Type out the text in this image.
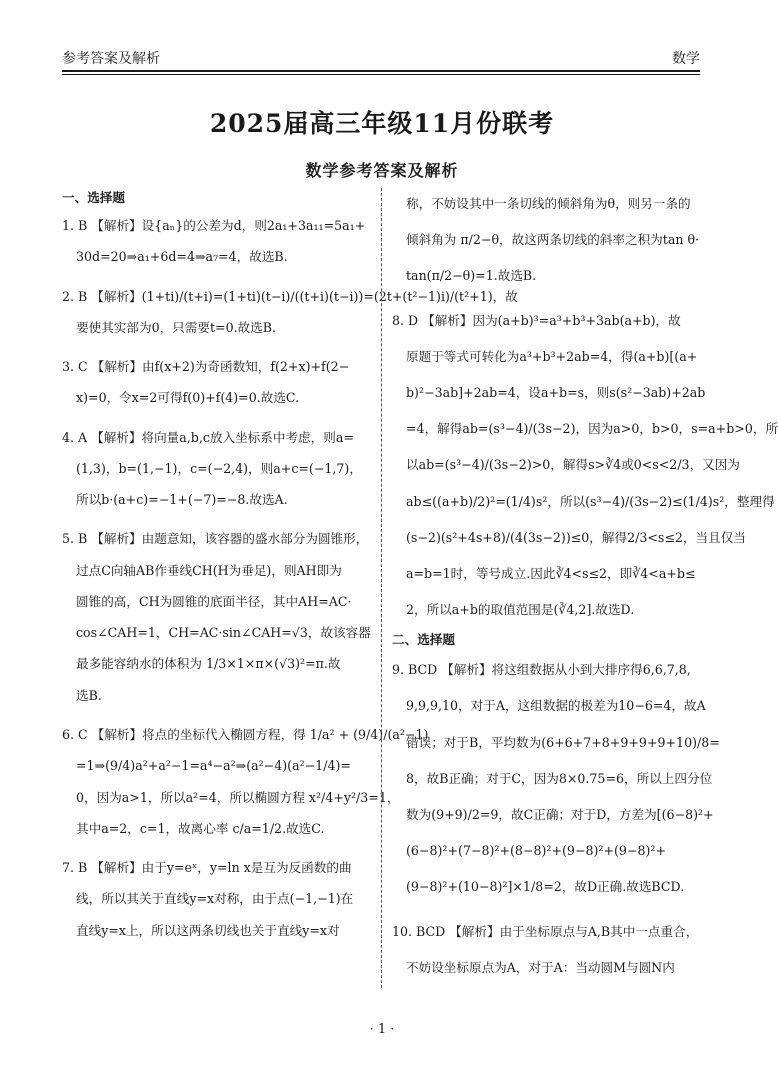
参考答案及解析	数学
2025届高三年级11月份联考
数学参考答案及解析
一、选择题
1. B 【解析】设{aₙ}的公差为d，则2a₁+3a₁₁=5a₁+
30d=20⇒a₁+6d=4⇒a₇=4，故选B.
2. B 【解析】(1+ti)/(t+i)=(1+ti)(t−i)/((t+i)(t−i))=(2t+(t²−1)i)/(t²+1)，故
要使其实部为0，只需要t=0.故选B.
3. C 【解析】由f(x+2)为奇函数知，f(2+x)+f(2−
x)=0，令x=2可得f(0)+f(4)=0.故选C.
4. A 【解析】将向量a,b,c放入坐标系中考虑，则a=
(1,3)，b=(1,−1)，c=(−2,4)，则a+c=(−1,7)，
所以b·(a+c)=−1+(−7)=−8.故选A.
5. B 【解析】由题意知，该容器的盛水部分为圆锥形，
过点C向轴AB作垂线CH(H为垂足)，则AH即为
圆锥的高，CH为圆锥的底面半径，其中AH=AC·
cos∠CAH=1，CH=AC·sin∠CAH=√3，故该容器
最多能容纳水的体积为 1/3×1×π×(√3)²=π.故
选B.
6. C 【解析】将点的坐标代入椭圆方程，得 1/a² + (9/4)/(a²−1)
=1⇒(9/4)a²+a²−1=a⁴−a²⇒(a²−4)(a²−1/4)=
0，因为a>1，所以a²=4，所以椭圆方程 x²/4+y²/3=1，
其中a=2，c=1，故离心率 c/a=1/2.故选C.
7. B 【解析】由于y=eˣ，y=ln x是互为反函数的曲
线，所以其关于直线y=x对称，由于点(−1,−1)在
直线y=x上，所以这两条切线也关于直线y=x对
称，不妨设其中一条切线的倾斜角为θ，则另一条的
倾斜角为 π/2−θ，故这两条切线的斜率之积为tan θ·
tan(π/2−θ)=1.故选B.
8. D 【解析】因为(a+b)³=a³+b³+3ab(a+b)，故
原题于等式可转化为a³+b³+2ab=4，得(a+b)[(a+
b)²−3ab]+2ab=4，设a+b=s，则s(s²−3ab)+2ab
=4，解得ab=(s³−4)/(3s−2)，因为a>0，b>0，s=a+b>0，所
以ab=(s³−4)/(3s−2)>0，解得s>∛4或0<s<2/3，又因为
ab≤((a+b)/2)²=(1/4)s²，所以(s³−4)/(3s−2)≤(1/4)s²，整理得
(s−2)(s²+4s+8)/(4(3s−2))≤0，解得2/3<s≤2，当且仅当
a=b=1时，等号成立.因此∛4<s≤2，即∛4<a+b≤
2，所以a+b的取值范围是(∛4,2].故选D.
二、选择题
9. BCD 【解析】将这组数据从小到大排序得6,6,7,8,
9,9,9,10，对于A，这组数据的极差为10−6=4，故A
错误；对于B，平均数为(6+6+7+8+9+9+9+10)/8=
8，故B正确；对于C，因为8×0.75=6，所以上四分位
数为(9+9)/2=9，故C正确；对于D，方差为[(6−8)²+
(6−8)²+(7−8)²+(8−8)²+(9−8)²+(9−8)²+
(9−8)²+(10−8)²]×1/8=2，故D正确.故选BCD.
10. BCD 【解析】由于坐标原点与A,B其中一点重合，
不妨设坐标原点为A，对于A：当动圆M与圆N内
· 1 ·
